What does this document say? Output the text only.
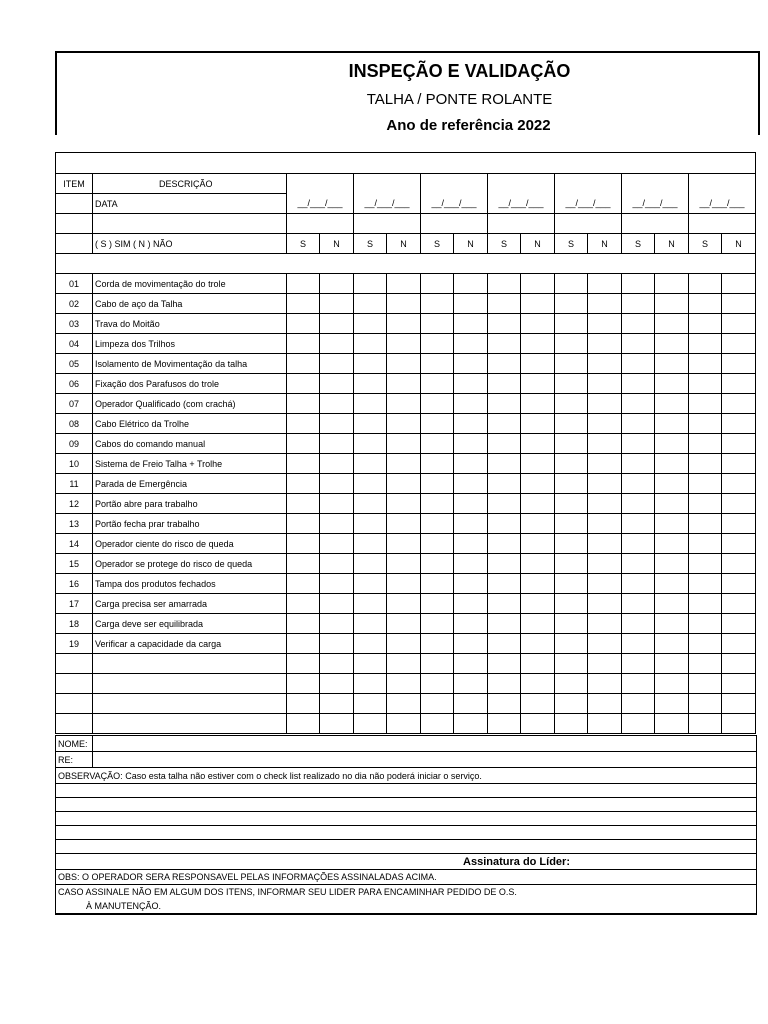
INSPEÇÃO E VALIDAÇÃO
TALHA / PONTE ROLANTE
Ano de referência 2022

ITEM	DESCRIÇÃO														
	DATA	__/___/___		__/___/___		__/___/___		__/___/___		__/___/___		__/___/___		__/___/___	

	( S ) SIM ( N ) NÃO	S	N	S	N	S	N	S	N	S	N	S	N	S	N

01	Corda de movimentação do trole														
02	Cabo de aço da Talha														
03	Trava do Moitão														
04	Limpeza dos Trilhos														
05	Isolamento de Movimentação da talha														
06	Fixação dos Parafusos do trole														
07	Operador Qualificado (com crachá)														
08	Cabo Elétrico da Trolhe														
09	Cabos do comando manual														
10	Sistema de Freio Talha + Trolhe														
11	Parada de Emergência														
12	Portão abre para trabalho														
13	Portão fecha prar trabalho														
14	Operador ciente do risco de queda														
15	Operador se protege do risco de queda														
16	Tampa dos produtos fechados														
17	Carga precisa ser amarrada														
18	Carga deve ser equilibrada														
19	Verificar a capacidade da carga														

NOME:	
RE:	
OBSERVAÇÃO: Caso esta talha não estiver com o check list realizado no dia não poderá iniciar o serviço.	

Assinatura do Líder:	
OBS: O OPERADOR SERA RESPONSAVEL PELAS INFORMAÇÕES ASSINALADAS ACIMA.	
CASO ASSINALE NÃO EM ALGUM DOS ITENS, INFORMAR SEU LIDER PARA ENCAMINHAR PEDIDO DE O.S.	
À MANUTENÇÃO.	
